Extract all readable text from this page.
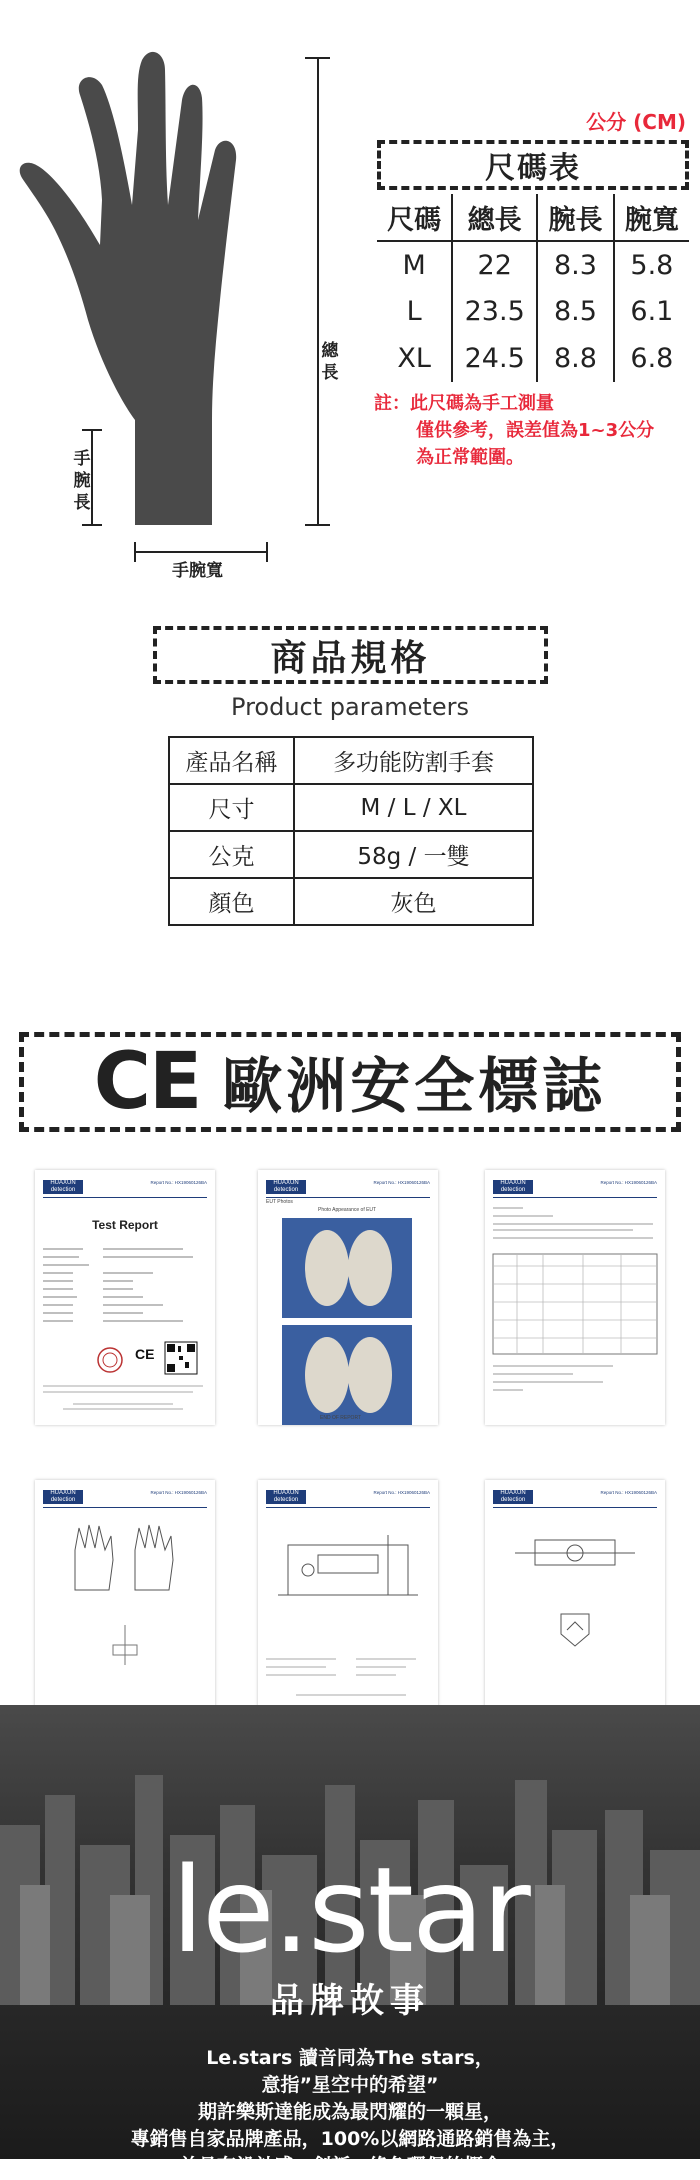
總長
手腕長
手腕寬
公分 (CM)
尺碼表
尺碼	總長	腕長	腕寬
M	22	8.3	5.8
L	23.5	8.5	6.1
XL	24.5	8.8	6.8
註：此尺碼為手工測量
僅供參考，誤差值為1~3公分
為正常範圍。
商品規格
Product parameters
產品名稱	多功能防割手套
尺寸	M / L / XL
公克	58g / 一雙
顏色	灰色
CE 歐洲安全標誌
HUAXUN detection
Report No.: HX19060126BA
Test Report
CE
HUAXUN detection
Report No.: HX19060126BA
EUT Photos
Photo Appearance of EUT
END OF REPORT
HUAXUN detection
Report No.: HX19060126BA
HUAXUN detection
Report No.: HX19060126BA	HUAXUN detection
Report No.: HX19060126BA	HUAXUN detection
Report No.: HX19060126BA
le.star
品牌故事
Le.stars 讀音同為The stars，
意指”星空中的希望”
期許樂斯達能成為最閃耀的一顆星，
專銷售自家品牌產品，100%以網路通路銷售為主，
並具有設計感、創新、綠色環保的概念。
